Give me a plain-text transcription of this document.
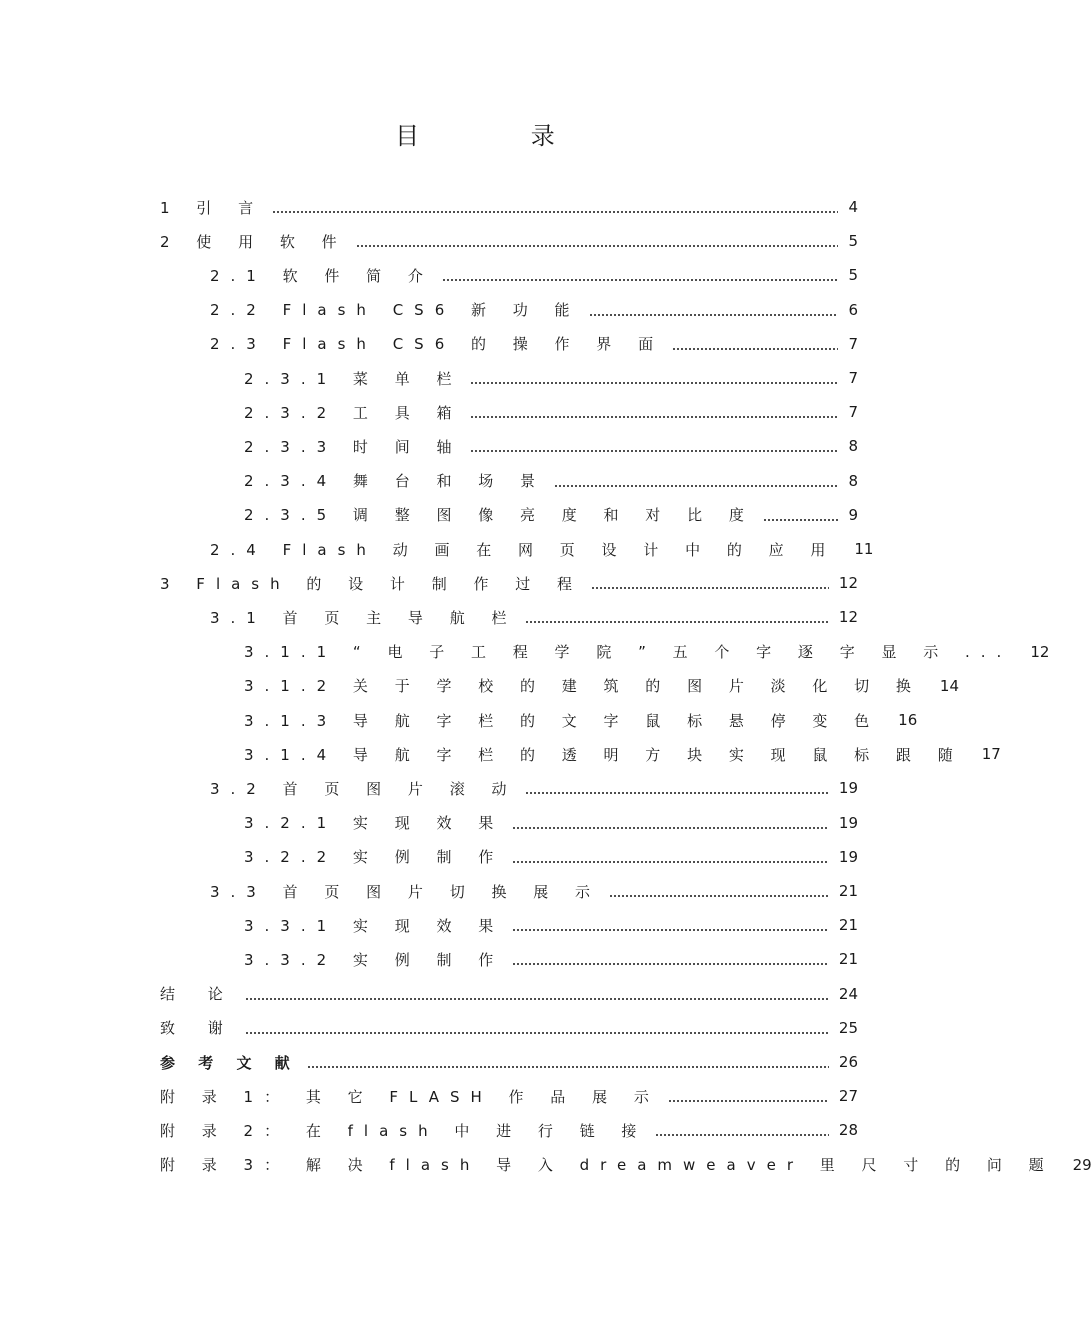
目 录
1 引 言	4
2 使 用 软 件	5
2.1 软 件 简 介	5
2.2 Flash CS6 新 功 能	6
2.3 Flash CS6 的 操 作 界 面	7
2.3.1 菜 单 栏	7
2.3.2 工 具 箱	7
2.3.3 时 间 轴	8
2.3.4 舞 台 和 场 景	8
2.3.5 调 整 图 像 亮 度 和 对 比 度	9
2.4 Flash 动 画 在 网 页 设 计 中 的 应 用 11
3 Flash 的 设 计 制 作 过 程	12
3.1 首 页 主 导 航 栏	12
3.1.1 “ 电 子 工 程 学 院 ” 五 个 字 逐 字 显 示 ... 12
3.1.2 关 于 学 校 的 建 筑 的 图 片 淡 化 切 换 14
3.1.3 导 航 字 栏 的 文 字 鼠 标 悬 停 变 色 16
3.1.4 导 航 字 栏 的 透 明 方 块 实 现 鼠 标 跟 随 17
3.2 首 页 图 片 滚 动	19
3.2.1 实 现 效 果	19
3.2.2 实 例 制 作	19
3.3 首 页 图 片 切 换 展 示	21
3.3.1 实 现 效 果	21
3.3.2 实 例 制 作	21
结 论	24
致 谢	25
参 考 文 献	26
附 录 1： 其 它 FLASH 作 品 展 示	27
附 录 2： 在 flash 中 进 行 链 接	28
附 录 3： 解 决 flash 导 入 dreamweaver 里 尺 寸 的 问 题 29
